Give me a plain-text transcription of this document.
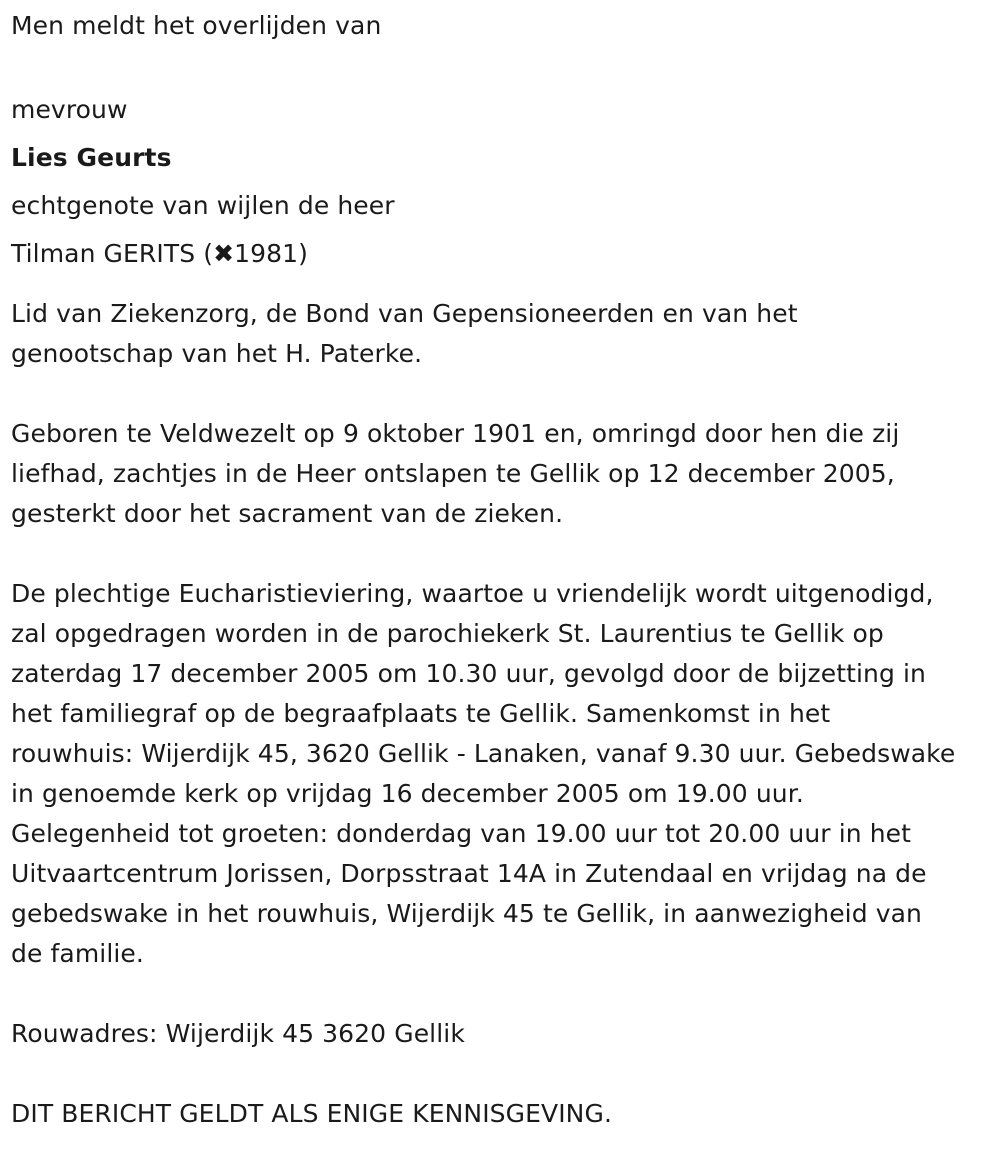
Men meldt het overlijden van
mevrouw
Lies Geurts
echtgenote van wijlen de heer
Tilman GERITS (✖1981)
Lid van Ziekenzorg, de Bond van Gepensioneerden en van het
genootschap van het H. Paterke.
Geboren te Veldwezelt op 9 oktober 1901 en, omringd door hen die zij
liefhad, zachtjes in de Heer ontslapen te Gellik op 12 december 2005,
gesterkt door het sacrament van de zieken.
De plechtige Eucharistieviering, waartoe u vriendelijk wordt uitgenodigd,
zal opgedragen worden in de parochiekerk St. Laurentius te Gellik op
zaterdag 17 december 2005 om 10.30 uur, gevolgd door de bijzetting in
het familiegraf op de begraafplaats te Gellik. Samenkomst in het
rouwhuis: Wijerdijk 45, 3620 Gellik - Lanaken, vanaf 9.30 uur. Gebedswake
in genoemde kerk op vrijdag 16 december 2005 om 19.00 uur.
Gelegenheid tot groeten: donderdag van 19.00 uur tot 20.00 uur in het
Uitvaartcentrum Jorissen, Dorpsstraat 14A in Zutendaal en vrijdag na de
gebedswake in het rouwhuis, Wijerdijk 45 te Gellik, in aanwezigheid van
de familie.
Rouwadres: Wijerdijk 45 3620 Gellik
DIT BERICHT GELDT ALS ENIGE KENNISGEVING.
